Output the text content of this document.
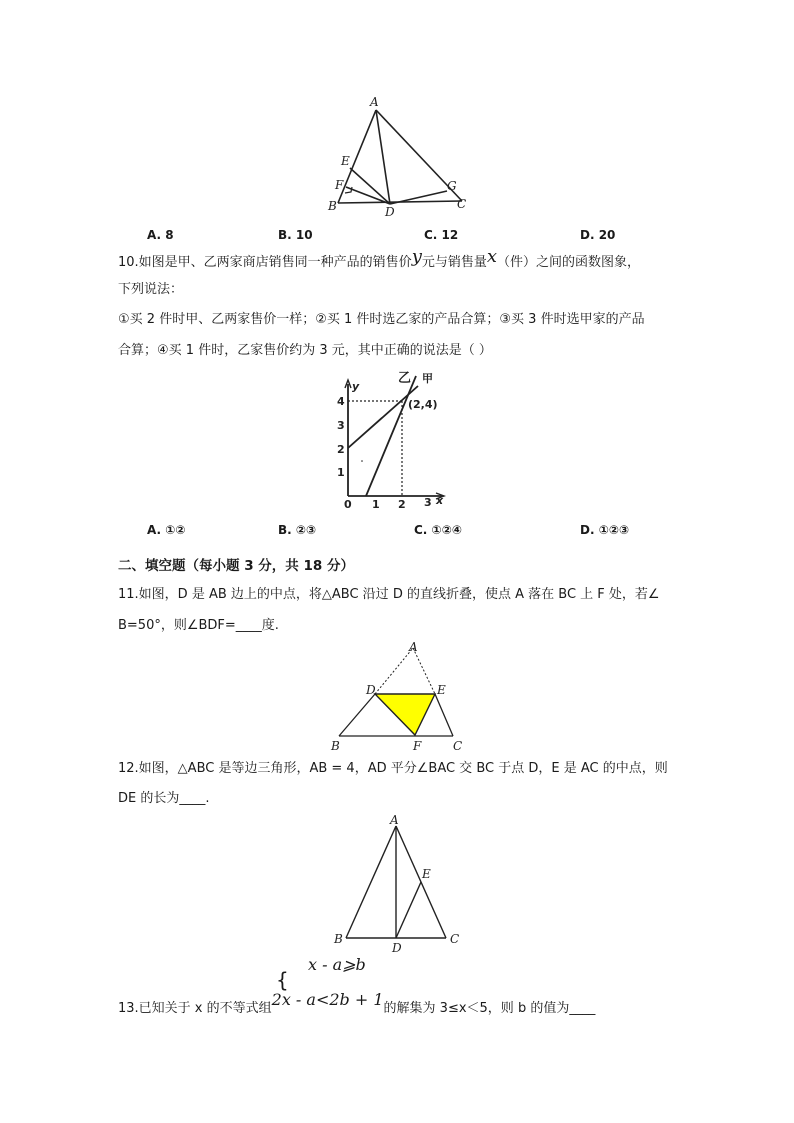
A
E
F
B	D
G
C
A. 8	B. 10	C. 12	D. 20
10.如图是甲、乙两家商店销售同一种产品的销售价y元与销售量x（件）之间的函数图象，
下列说法：
①买 2 件时甲、乙两家售价一样；②买 1 件时选乙家的产品合算；③买 3 件时选甲家的产品
合算；④买 1 件时，乙家售价约为 3 元，其中正确的说法是（ ）
y
x
乙 甲
(2,4)
0 1 2 3
1
2
3
4
A. ①②	B. ②③	C. ①②④	D. ①②③
二、填空题（每小题 3 分，共 18 分）
11.如图，D 是 AB 边上的中点，将△ABC 沿过 D 的直线折叠，使点 A 落在 BC 上 F 处，若∠
B=50°，则∠BDF=____度.
A
D	E
B	F	C
12.如图，△ABC 是等边三角形，AB = 4，AD 平分∠BAC 交 BC 于点 D，E 是 AC 的中点，则
DE 的长为____.
A
E
B
D
C
x - a⩾b
{
13.已知关于 x 的不等式组2x - a<2b + 1的解集为 3≤x＜5，则 b 的值为____
